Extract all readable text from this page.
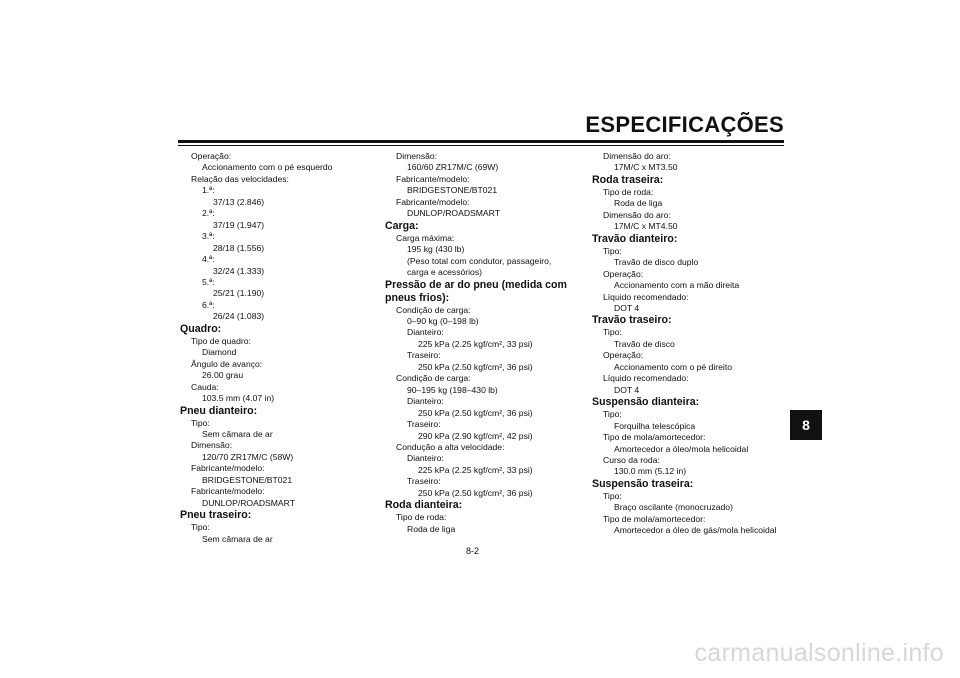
ESPECIFICAÇÕES
8
Operação:
Accionamento com o pé esquerdo
Relação das velocidades:
1.ª:
37/13 (2.846)
2.ª:
37/19 (1.947)
3.ª:
28/18 (1.556)
4.ª:
32/24 (1.333)
5.ª:
25/21 (1.190)
6.ª:
26/24 (1.083)
Quadro:
Tipo de quadro:
Diamond
Ângulo de avanço:
26.00 grau
Cauda:
103.5 mm (4.07 in)
Pneu dianteiro:
Tipo:
Sem câmara de ar
Dimensão:
120/70 ZR17M/C (58W)
Fabricante/modelo:
BRIDGESTONE/BT021
Fabricante/modelo:
DUNLOP/ROADSMART
Pneu traseiro:
Tipo:
Sem câmara de ar
Dimensão:
160/60 ZR17M/C (69W)
Fabricante/modelo:
BRIDGESTONE/BT021
Fabricante/modelo:
DUNLOP/ROADSMART
Carga:
Carga máxima:
195 kg (430 lb)
(Peso total com condutor, passageiro,
carga e acessórios)
Pressão de ar do pneu (medida com pneus frios):
Condição de carga:
0–90 kg (0–198 lb)
Dianteiro:
225 kPa (2.25 kgf/cm², 33 psi)
Traseiro:
250 kPa (2.50 kgf/cm², 36 psi)
Condição de carga:
90–195 kg (198–430 lb)
Dianteiro:
250 kPa (2.50 kgf/cm², 36 psi)
Traseiro:
290 kPa (2.90 kgf/cm², 42 psi)
Condução a alta velocidade:
Dianteiro:
225 kPa (2.25 kgf/cm², 33 psi)
Traseiro:
250 kPa (2.50 kgf/cm², 36 psi)
Roda dianteira:
Tipo de roda:
Roda de liga
Dimensão do aro:
17M/C x MT3.50
Roda traseira:
Tipo de roda:
Roda de liga
Dimensão do aro:
17M/C x MT4.50
Travão dianteiro:
Tipo:
Travão de disco duplo
Operação:
Accionamento com a mão direita
Líquido recomendado:
DOT 4
Travão traseiro:
Tipo:
Travão de disco
Operação:
Accionamento com o pé direito
Líquido recomendado:
DOT 4
Suspensão dianteira:
Tipo:
Forquilha telescópica
Tipo de mola/amortecedor:
Amortecedor a óleo/mola helicoidal
Curso da roda:
130.0 mm (5.12 in)
Suspensão traseira:
Tipo:
Braço oscilante (monocruzado)
Tipo de mola/amortecedor:
Amortecedor a óleo de gás/mola helicoidal
8-2
carmanualsonline.info
